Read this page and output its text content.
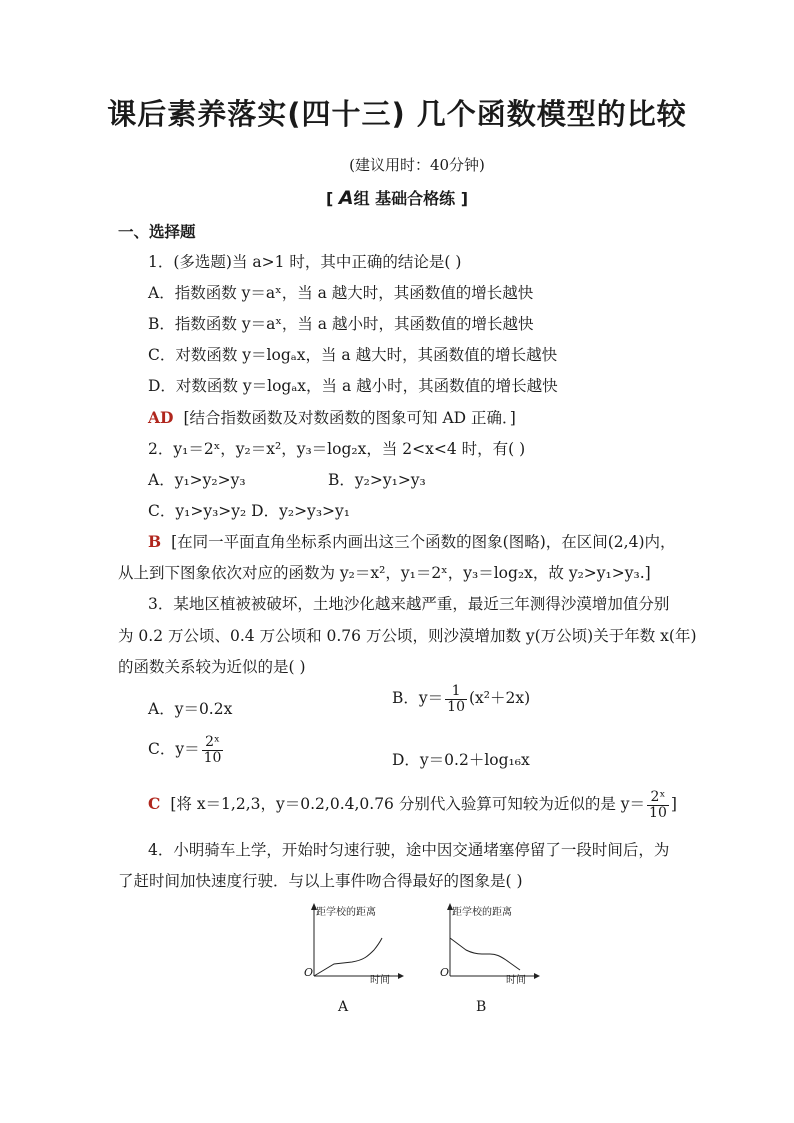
课后素养落实(四十三) 几个函数模型的比较
(建议用时：40分钟)
[ A组 基础合格练 ]
一、选择题
1．(多选题)当 a>1 时，其中正确的结论是( )
A．指数函数 y＝aˣ，当 a 越大时，其函数值的增长越快
B．指数函数 y＝aˣ，当 a 越小时，其函数值的增长越快
C．对数函数 y＝logₐx，当 a 越大时，其函数值的增长越快
D．对数函数 y＝logₐx，当 a 越小时，其函数值的增长越快
AD [结合指数函数及对数函数的图象可知 AD 正确．]
2．y₁＝2ˣ，y₂＝x²，y₃＝log₂x，当 2<x<4 时，有( )
A．y₁>y₂>y₃	B．y₂>y₁>y₃
C．y₁>y₃>y₂ D．y₂>y₃>y₁
B [在同一平面直角坐标系内画出这三个函数的图象(图略)，在区间(2,4)内，
从上到下图象依次对应的函数为 y₂＝x²，y₁＝2ˣ，y₃＝log₂x，故 y₂>y₁>y₃.]
3．某地区植被被破坏，土地沙化越来越严重，最近三年测得沙漠增加值分别
为 0.2 万公顷、0.4 万公顷和 0.76 万公顷，则沙漠增加数 y(万公顷)关于年数 x(年)
的函数关系较为近似的是( )
A．y＝0.2x
B．$y= \frac{1}{10} (x^2+2x)$
C．$y= \frac{\text{2ˣ}}{10}$	D．y＝0.2＋log₁₆x
C [将 x＝1,2,3，y＝0.2,0.4,0.76 分别代入验算可知较为近似的是 $y= \frac{\text{2ˣ}}{10}$ ]
4．小明骑车上学，开始时匀速行驶，途中因交通堵塞停留了一段时间后，为
了赶时间加快速度行驶．与以上事件吻合得最好的图象是( )
距学校的距离
O
时间
A
距学校的距离
O
时间
B
